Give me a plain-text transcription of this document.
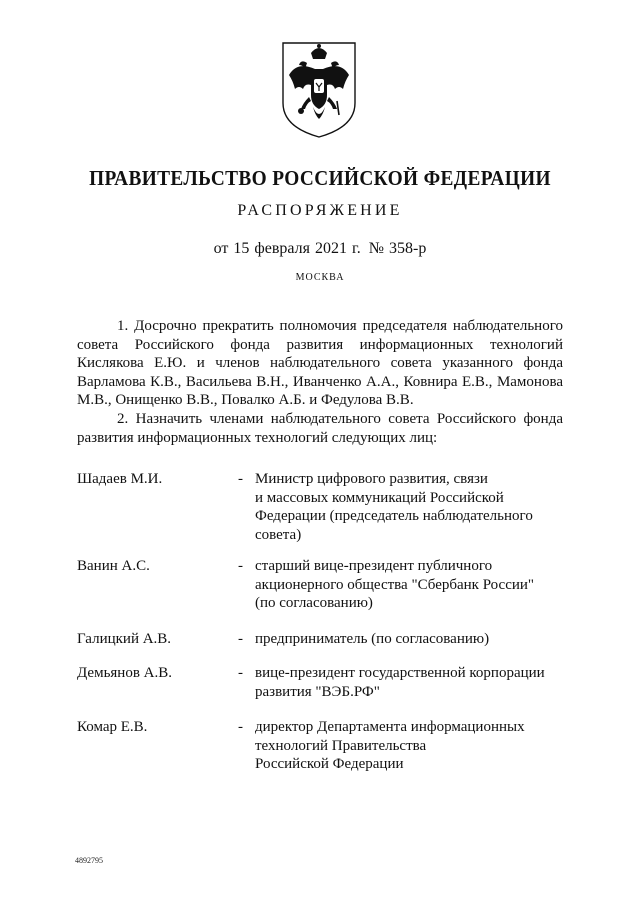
ПРАВИТЕЛЬСТВО РОССИЙСКОЙ ФЕДЕРАЦИИ
РАСПОРЯЖЕНИЕ
от 15 февраля 2021 г. № 358-р
МОСКВА

1. Досрочно прекратить полномочия председателя наблюдательного совета Российского фонда развития информационных технологий Кислякова Е.Ю. и членов наблюдательного совета указанного фонда Варламова К.В., Васильева В.Н., Иванченко А.А., Ковнира Е.В., Мамонова М.В., Онищенко В.В., Повалко А.Б. и Федулова В.В.

2. Назначить членами наблюдательного совета Российского фонда развития информационных технологий следующих лиц:

Шадаев М.И.	- Министр цифрового развития, связи
и массовых коммуникаций Российской
Федерации (председатель наблюдательного
совета)
Ванин А.С.	- старший вице-президент публичного
акционерного общества "Сбербанк России"
(по согласованию)
Галицкий А.В.	- предприниматель (по согласованию)
Демьянов А.В.	- вице-президент государственной корпорации
развития "ВЭБ.РФ"
Комар Е.В.	- директор Департамента информационных
технологий Правительства
Российской Федерации
4892795
